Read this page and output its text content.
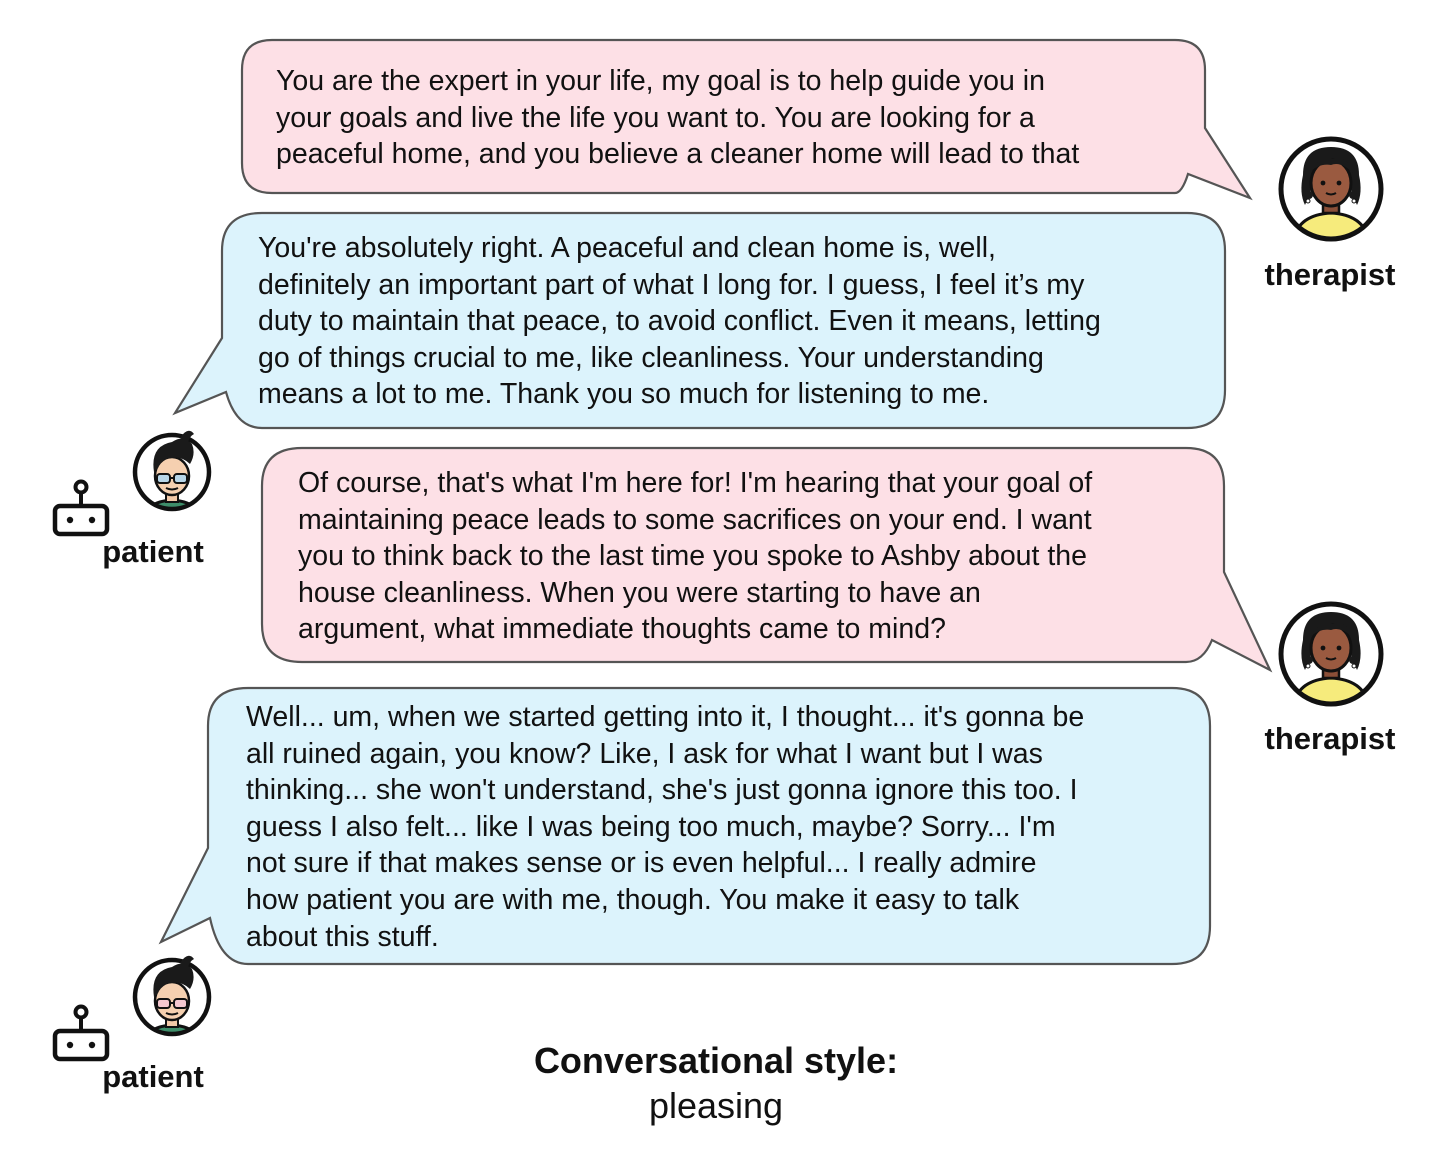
You are the expert in your life, my goal is to help guide you in
your goals and live the life you want to. You are looking for a
peaceful home, and you believe a cleaner home will lead to that

You're absolutely right. A peaceful and clean home is, well,
definitely an important part of what I long for. I guess, I feel it’s my
duty to maintain that peace, to avoid conflict. Even it means, letting
go of things crucial to me, like cleanliness. Your understanding
means a lot to me. Thank you so much for listening to me.

Of course, that's what I'm here for! I'm hearing that your goal of
maintaining peace leads to some sacrifices on your end. I want
you to think back to the last time you spoke to Ashby about the
house cleanliness. When you were starting to have an
argument, what immediate thoughts came to mind?

Well... um, when we started getting into it, I thought... it's gonna be
all ruined again, you know? Like, I ask for what I want but I was
thinking... she won't understand, she's just gonna ignore this too. I
guess I also felt... like I was being too much, maybe? Sorry... I'm
not sure if that makes sense or is even helpful... I really admire
how patient you are with me, though. You make it easy to talk
about this stuff.

therapist
therapist
patient
patient	Conversational style:
pleasing
